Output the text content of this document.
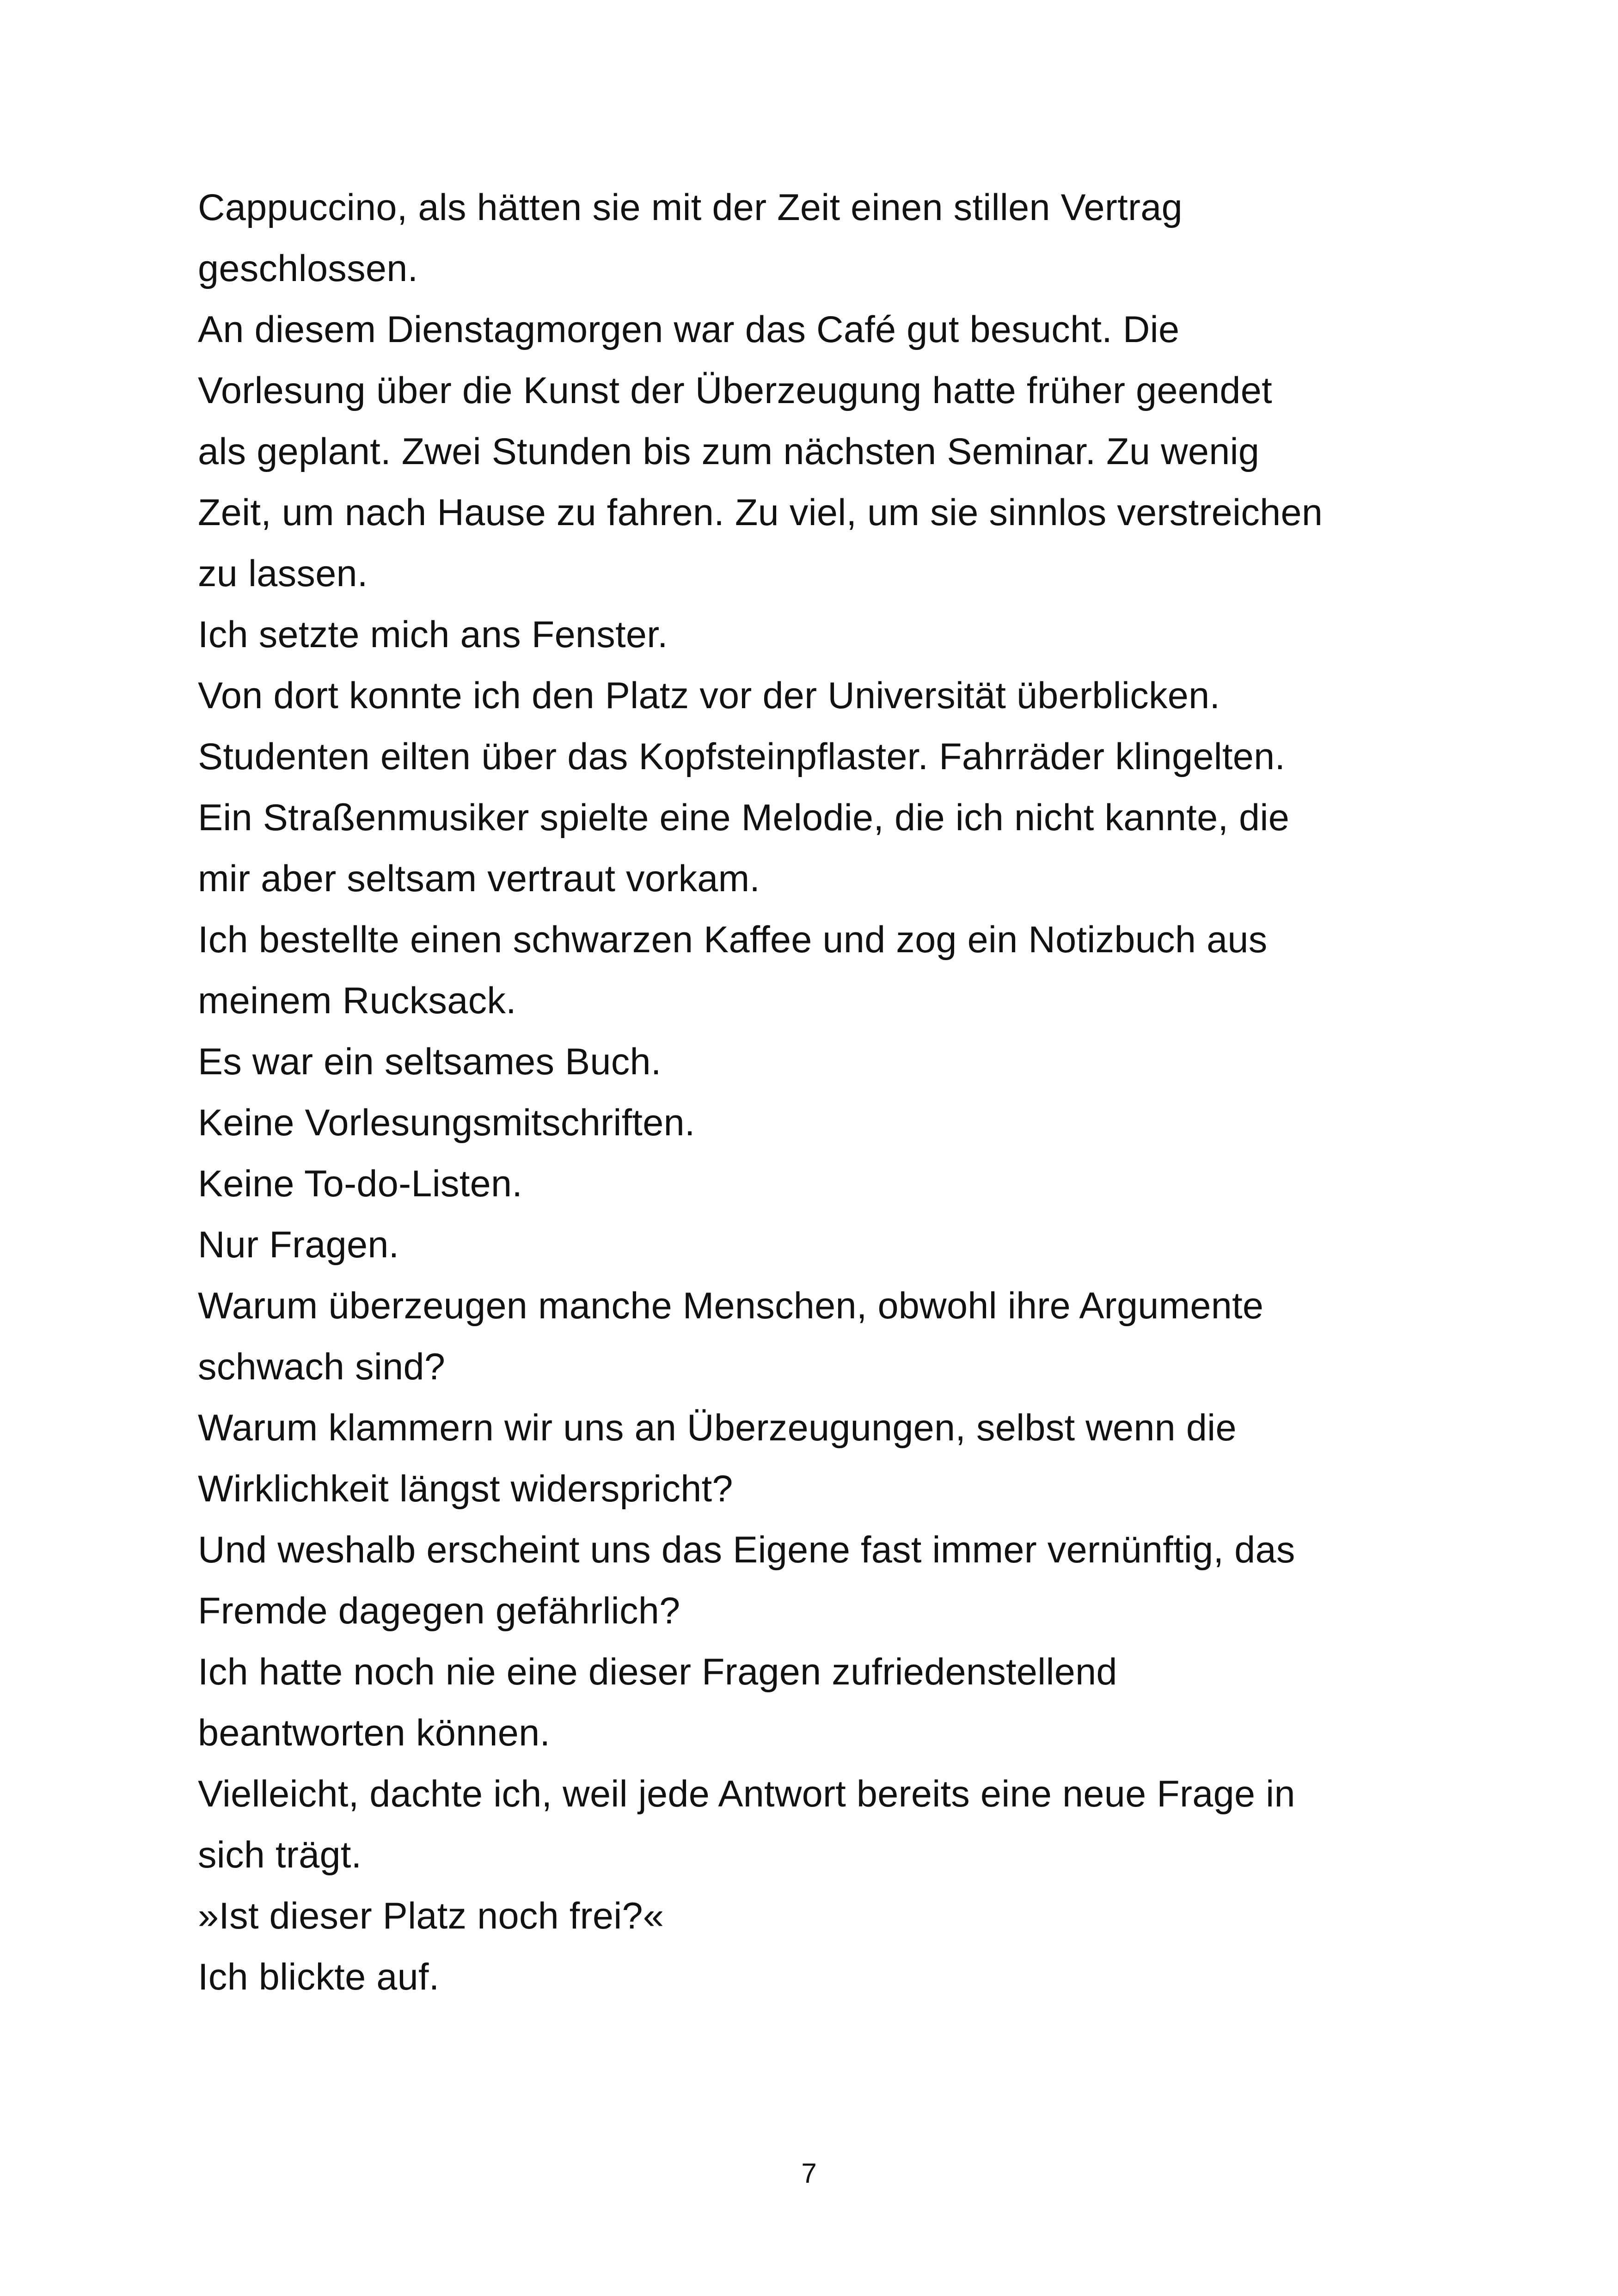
Cappuccino, als hätten sie mit der Zeit einen stillen Vertrag
geschlossen.
An diesem Dienstagmorgen war das Café gut besucht. Die
Vorlesung über die Kunst der Überzeugung hatte früher geendet
als geplant. Zwei Stunden bis zum nächsten Seminar. Zu wenig
Zeit, um nach Hause zu fahren. Zu viel, um sie sinnlos verstreichen
zu lassen.
Ich setzte mich ans Fenster.
Von dort konnte ich den Platz vor der Universität überblicken.
Studenten eilten über das Kopfsteinpflaster. Fahrräder klingelten.
Ein Straßenmusiker spielte eine Melodie, die ich nicht kannte, die
mir aber seltsam vertraut vorkam.
Ich bestellte einen schwarzen Kaffee und zog ein Notizbuch aus
meinem Rucksack.
Es war ein seltsames Buch.
Keine Vorlesungsmitschriften.
Keine To-do-Listen.
Nur Fragen.
Warum überzeugen manche Menschen, obwohl ihre Argumente
schwach sind?
Warum klammern wir uns an Überzeugungen, selbst wenn die
Wirklichkeit längst widerspricht?
Und weshalb erscheint uns das Eigene fast immer vernünftig, das
Fremde dagegen gefährlich?
Ich hatte noch nie eine dieser Fragen zufriedenstellend
beantworten können.
Vielleicht, dachte ich, weil jede Antwort bereits eine neue Frage in
sich trägt.
»Ist dieser Platz noch frei?«
Ich blickte auf.
7
